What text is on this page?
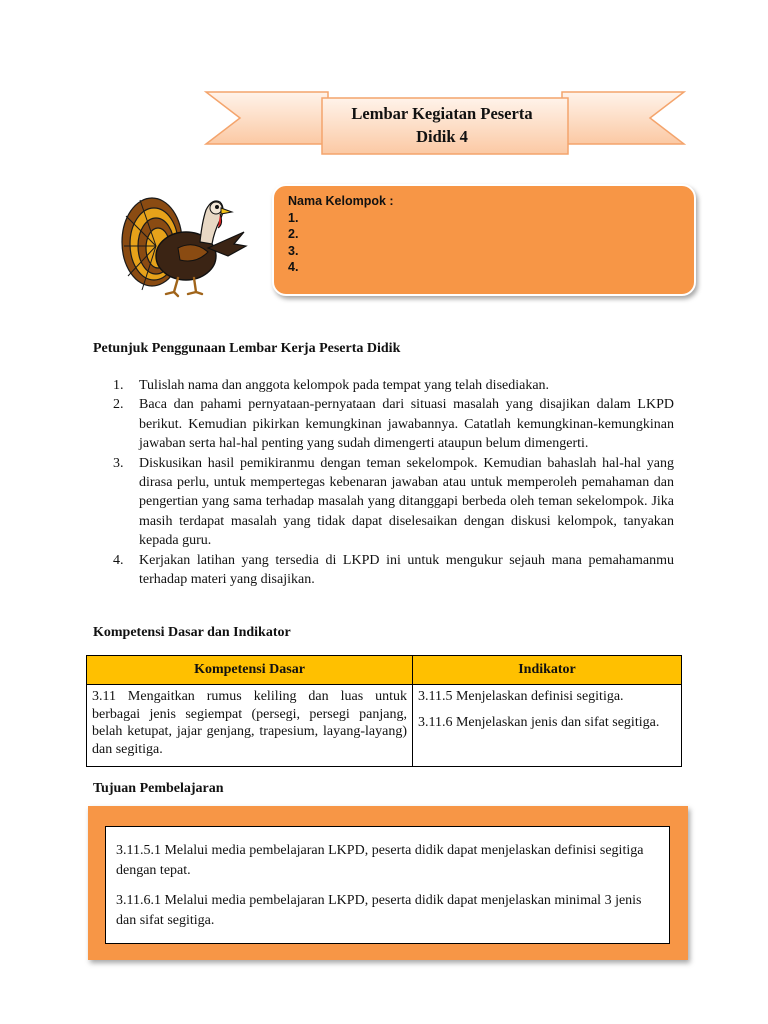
Lembar Kegiatan Peserta
Didik 4
Nama Kelompok :
1.
2.
3.
4.
Petunjuk Penggunaan Lembar Kerja Peserta Didik
1. Tulislah nama dan anggota kelompok pada tempat yang telah disediakan.
2. Baca dan pahami pernyataan-pernyataan dari situasi masalah yang disajikan dalam LKPD berikut. Kemudian pikirkan kemungkinan jawabannya. Catatlah kemungkinan-kemungkinan jawaban serta hal-hal penting yang sudah dimengerti ataupun belum dimengerti.
3. Diskusikan hasil pemikiranmu dengan teman sekelompok. Kemudian bahaslah hal-hal yang dirasa perlu, untuk mempertegas kebenaran jawaban atau untuk memperoleh pemahaman dan pengertian yang sama terhadap masalah yang ditanggapi berbeda oleh teman sekelompok. Jika masih terdapat masalah yang tidak dapat diselesaikan dengan diskusi kelompok, tanyakan kepada guru.
4. Kerjakan latihan yang tersedia di LKPD ini untuk mengukur sejauh mana pemahamanmu terhadap materi yang disajikan.
Kompetensi Dasar dan Indikator
Kompetensi Dasar	Indikator
3.11 Mengaitkan rumus keliling dan luas untuk berbagai jenis segiempat (persegi, persegi panjang, belah ketupat, jajar genjang, trapesium, layang-layang) dan segitiga.	3.11.5 Menjelaskan definisi segitiga.

3.11.6 Menjelaskan jenis dan sifat segitiga.

Tujuan Pembelajaran

3.11.5.1 Melalui media pembelajaran LKPD, peserta didik dapat menjelaskan definisi segitiga dengan tepat.

3.11.6.1 Melalui media pembelajaran LKPD, peserta didik dapat menjelaskan minimal 3 jenis dan sifat segitiga.
